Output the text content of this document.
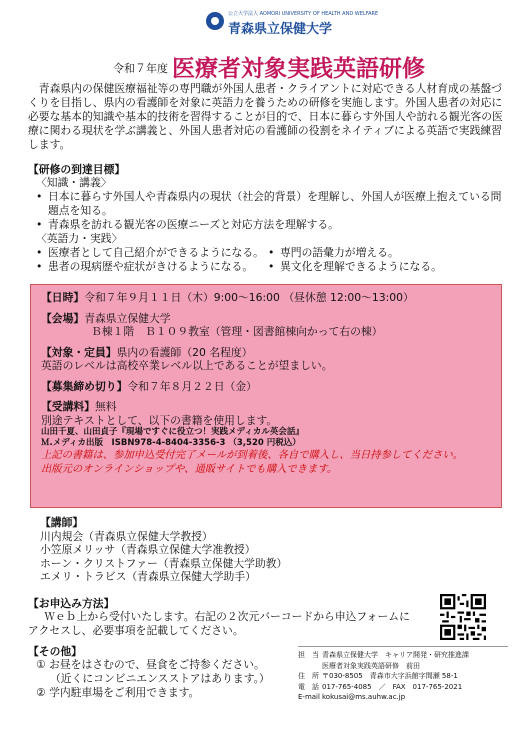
公立大学法人 AOMORI UNIVERSITY OF HEALTH AND WELFARE
青森県立保健大学
令和７年度 医療者対象実践英語研修
青森県内の保健医療福祉等の専門職が外国人患者・クライアントに対応できる人材育成の基盤づくりを目指し、県内の看護師を対象に英語力を養うための研修を実施します。外国人患者の対応に必要な基本的知識や基本的技術を習得することが目的で、日本に暮らす外国人や訪れる観光客の医療に関わる現状を学ぶ講義と、外国人患者対応の看護師の役割をネイティブによる英語で実践練習します。
【研修の到達目標】
〈知識・講義〉
• 日本に暮らす外国人や青森県内の現状（社会的背景）を理解し、外国人が医療上抱えている問題点を知る。
• 青森県を訪れる観光客の医療ニーズと対応方法を理解する。
〈英語力・実践〉
• 医療者として自己紹介ができるようになる。
• 患者の現病歴や症状がきけるようになる。
• 専門の語彙力が増える。
• 異文化を理解できるようになる。
【日時】令和７年９月１１日（木）9:00～16:00 （昼休憩 12:00～13:00）
【会場】青森県立保健大学
Ｂ棟１階　Ｂ１０９教室（管理・図書館棟向かって右の棟）
【対象・定員】県内の看護師（20 名程度）
英語のレベルは高校卒業レベル以上であることが望ましい。
【募集締め切り】令和７年８月２２日（金）
【受講料】無料
別途テキストとして、以下の書籍を使用します。
山田千夏、山田貞子『現場ですぐに役立つ！実践メディカル英会話』
Ｍ.メディカ出版　ISBN978-4-8404-3356-3 （3,520 円税込）
上記の書籍は、参加申込受付完了メールが到着後、各自で購入し、当日持参してください。
出版元のオンラインショップや、通販サイトでも購入できます。
【講師】
川内規会（青森県立保健大学教授）
小笠原メリッサ（青森県立保健大学准教授）
ホーン・クリストファー（青森県立保健大学助教）
エメリ・トラビス（青森県立保健大学助手）
【お申込み方法】
Ｗｅｂ上から受付いたします。右記の２次元バーコードから申込フォームにアクセスし、必要事項を記載してください。
【その他】
① お昼をはさむので、昼食をご持参ください。
（近くにコンビニエンスストアはあります。）
② 学内駐車場をご利用できます。
担　当 青森県立保健大学　キャリア開発・研究推進課
医療者対象実践英語研修　前田
住　所 〒030-8505　青森市大字浜館字間瀬 58-1
電　話 017-765-4085　／　FAX　017-765-2021
E-mail kokusai@ms.auhw.ac.jp
